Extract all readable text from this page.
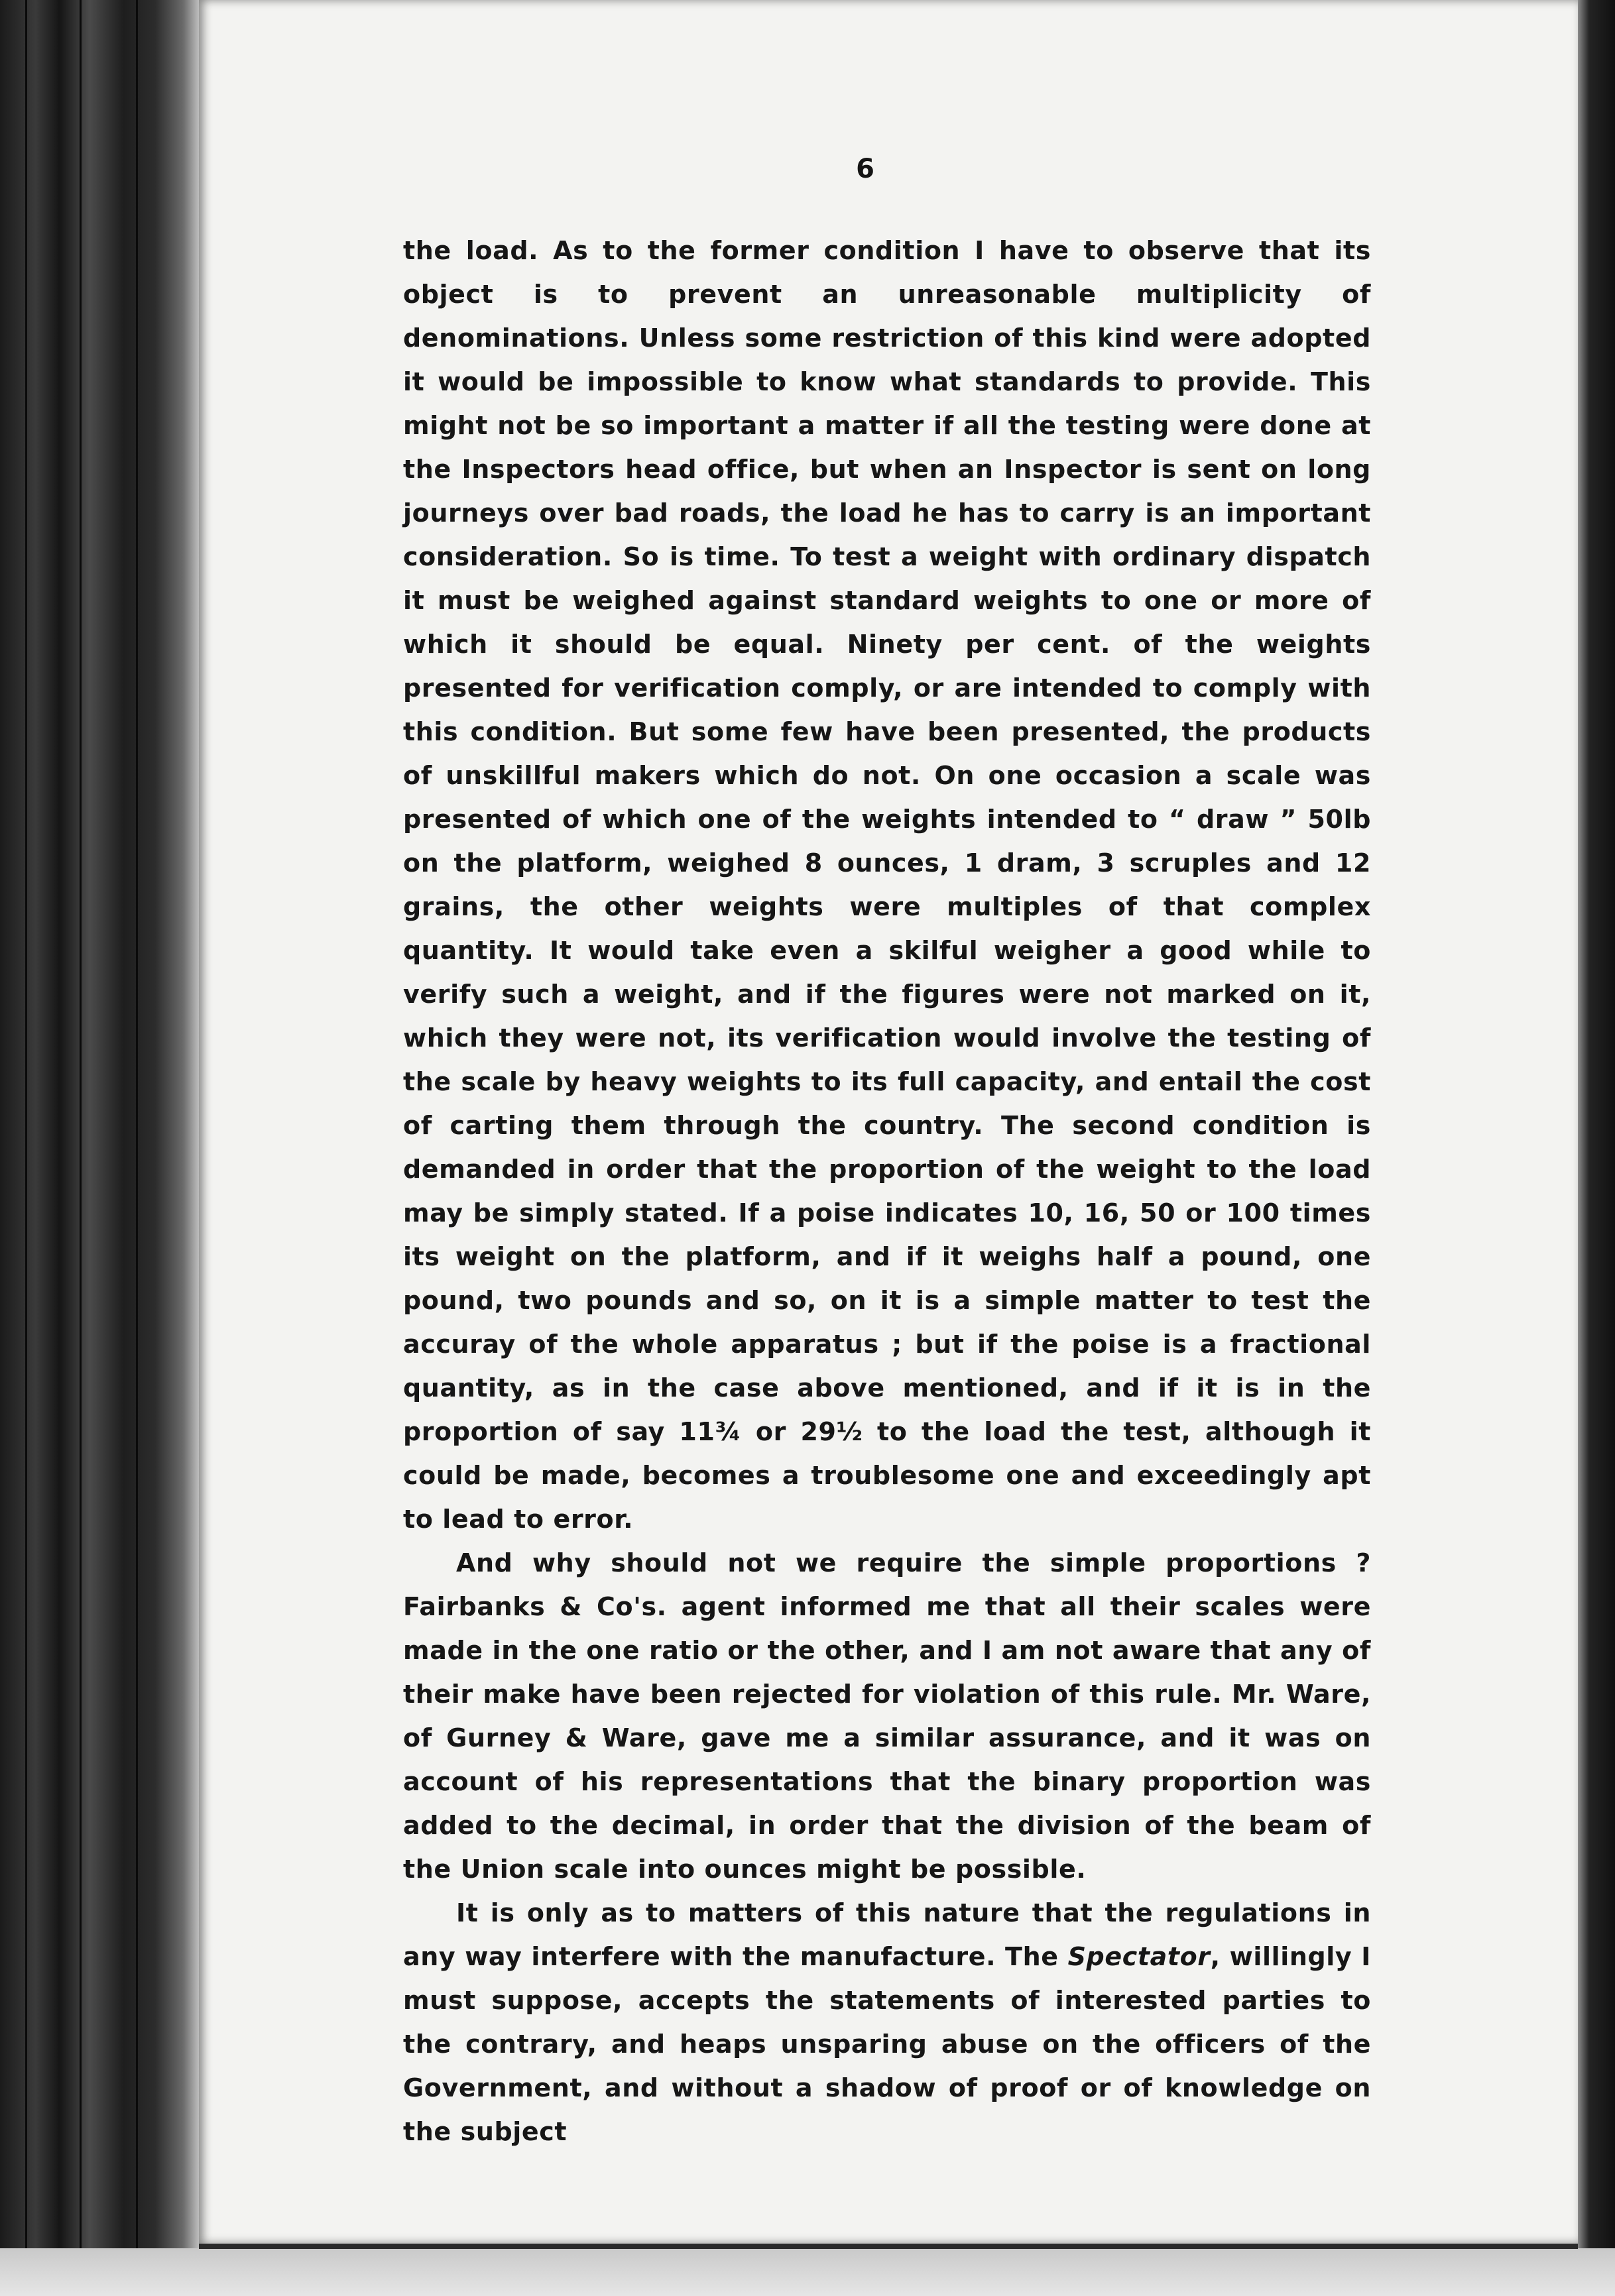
6

the load. As to the former condition I have to observe that its object is to prevent an unreasonable multiplicity of denominations. Unless some restriction of this kind were adopted it would be impossible to know what standards to provide. This might not be so important a matter if all the testing were done at the Inspectors head office, but when an Inspector is sent on long journeys over bad roads, the load he has to carry is an important consideration. So is time. To test a weight with ordinary dispatch it must be weighed against standard weights to one or more of which it should be equal. Ninety per cent. of the weights presented for verification comply, or are intended to comply with this condition. But some few have been presented, the products of unskillful makers which do not. On one occasion a scale was presented of which one of the weights intended to “ draw ” 50lb on the platform, weighed 8 ounces, 1 dram, 3 scruples and 12 grains, the other weights were multiples of that complex quantity. It would take even a skilful weigher a good while to verify such a weight, and if the figures were not marked on it, which they were not, its verification would involve the testing of the scale by heavy weights to its full capacity, and entail the cost of carting them through the country. The second condition is demanded in order that the proportion of the weight to the load may be simply stated. If a poise indicates 10, 16, 50 or 100 times its weight on the platform, and if it weighs half a pound, one pound, two pounds and so, on it is a simple matter to test the accuray of the whole apparatus ; but if the poise is a fractional quantity, as in the case above mentioned, and if it is in the proportion of say 11¾ or 29½ to the load the test, although it could be made, becomes a troublesome one and exceedingly apt to lead to error.

And why should not we require the simple proportions ? Fairbanks & Co's. agent informed me that all their scales were made in the one ratio or the other, and I am not aware that any of their make have been rejected for violation of this rule. Mr. Ware, of Gurney & Ware, gave me a similar assurance, and it was on account of his representations that the binary proportion was added to the decimal, in order that the division of the beam of the Union scale into ounces might be possible.

It is only as to matters of this nature that the regulations in any way interfere with the manufacture. The Spectator, willingly I must suppose, accepts the statements of interested parties to the contrary, and heaps unsparing abuse on the officers of the Government, and without a shadow of proof or of knowledge on the subject
